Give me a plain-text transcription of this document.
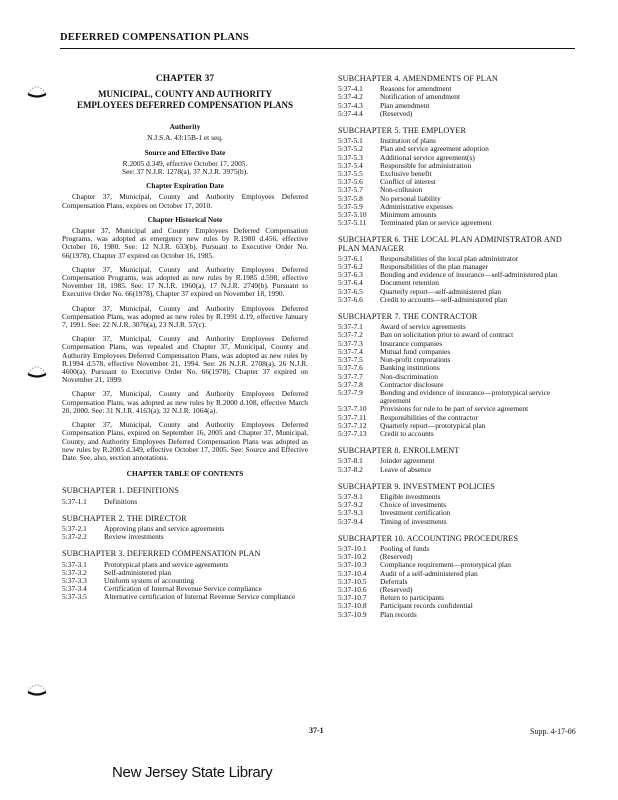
DEFERRED COMPENSATION PLANS
CHAPTER 37
MUNICIPAL, COUNTY AND AUTHORITY
EMPLOYEES DEFERRED COMPENSATION PLANS
Authority
N.J.S.A. 43:15B-1 et seq.
Source and Effective Date
R.2005 d.349, effective October 17, 2005.
See: 37 N.J.R. 1278(a), 37 N.J.R. 3975(b).
Chapter Expiration Date

Chapter 37, Municipal, County and Authority Employees Deferred Compensation Plans, expires on October 17, 2010.

Chapter Historical Note

Chapter 37, Municipal and County Employees Deferred Compensation Programs, was adopted as emergency new rules by R.1980 d.456, effective October 16, 1980. See: 12 N.J.R. 633(b). Pursuant to Executive Order No. 66(1978), Chapter 37 expired on October 16, 1985.

Chapter 37, Municipal, County and Authority Employees Deferred Compensation Programs, was adopted as new rules by R.1985 d.598, effective November 18, 1985. See: 17 N.J.R. 1960(a), 17 N.J.R. 2749(b). Pursuant to Executive Order No. 66(1978), Chapter 37 expired on November 18, 1990.

Chapter 37, Municipal, County and Authority Employees Deferred Compensation Plans, was adopted as new rules by R.1991 d.19, effective January 7, 1991. See: 22 N.J.R. 3076(a), 23 N.J.R. 57(c).

Chapter 37, Municipal, County and Authority Employees Deferred Compensation Plans, was repealed and Chapter 37, Municipal, County and Authority Employees Deferred Compensation Plans, was adopted as new rules by R.1994 d.578, effective November 21, 1994. See: 26 N.J.R. 2708(a), 26 N.J.R. 4600(a). Pursuant to Executive Order No. 66(1978), Chapter 37 expired on November 21, 1999.

Chapter 37, Municipal, County and Authority Employees Deferred Compensation Plans, was adopted as new rules by R.2000 d.108, effective March 20, 2000. See: 31 N.J.R. 4163(a), 32 N.J.R. 1064(a).

Chapter 37, Municipal, County and Authority Employees Deferred Compensation Plans, expired on September 16, 2005 and Chapter 37, Municipal, County, and Authority Employees Deferred Compensation Plans was adopted as new rules by R.2005 d.349, effective October 17, 2005. See: Source and Effective Date. See, also, section annotations.

CHAPTER TABLE OF CONTENTS
SUBCHAPTER 1. DEFINITIONS
5:37-1.1	Definitions
SUBCHAPTER 2. THE DIRECTOR
5:37-2.1	Approving plans and service agreements
5:37-2.2	Review investments
SUBCHAPTER 3. DEFERRED COMPENSATION PLAN
5:37-3.1	Prototypical plans and service agreements
5:37-3.2	Self-administered plan
5:37-3.3	Uniform system of accounting
5:37-3.4	Certification of Internal Revenue Service compliance
5:37-3.5	Alternative certification of Internal Revenue Service compliance
SUBCHAPTER 4. AMENDMENTS OF PLAN
5:37-4.1	Reasons for amendment
5:37-4.2	Notification of amendment
5:37-4.3	Plan amendment
5:37-4.4	(Reserved)
SUBCHAPTER 5. THE EMPLOYER
5:37-5.1	Institution of plans
5:37-5.2	Plan and service agreement adoption
5:37-5.3	Additional service agreement(s)
5:37-5.4	Responsible for administration
5:37-5.5	Exclusive benefit
5:37-5.6	Conflict of interest
5:37-5.7	Non-collusion
5:37-5.8	No personal liability
5:37-5.9	Administrative expenses
5:37-5.10	Minimum amounts
5:37-5.11	Terminated plan or service agreement
SUBCHAPTER 6. THE LOCAL PLAN ADMINISTRATOR AND PLAN MANAGER
5:37-6.1	Responsibilities of the local plan administrator
5:37-6.2	Responsibilities of the plan manager
5:37-6.3	Bonding and evidence of insurance—self-administered plan
5:37-6.4	Document retention
5:37-6.5	Quarterly report—self-administered plan
5:37-6.6	Credit to accounts—self-administered plan
SUBCHAPTER 7. THE CONTRACTOR
5:37-7.1	Award of service agreements
5:37-7.2	Ban on solicitation prior to award of contract
5:37-7.3	Insurance companies
5:37-7.4	Mutual fund companies
5:37-7.5	Non-profit corporations
5:37-7.6	Banking institutions
5:37-7.7	Non-discrimination
5:37-7.8	Contractor disclosure
5:37-7.9	Bonding and evidence of insurance—prototypical service agreement
5:37-7.10	Provisions for rule to be part of service agreement
5:37-7.11	Responsibilities of the contractor
5:37-7.12	Quarterly report—prototypical plan
5:37-7.13	Credit to accounts
SUBCHAPTER 8. ENROLLMENT
5:37-8.1	Joinder agreement
5:37-8.2	Leave of absence
SUBCHAPTER 9. INVESTMENT POLICIES
5:37-9.1	Eligible investments
5:37-9.2	Choice of investments
5:37-9.3	Investment certification
5:37-9.4	Timing of investments
SUBCHAPTER 10. ACCOUNTING PROCEDURES
5:37-10.1	Pooling of funds
5:37-10.2	(Reserved)
5:37-10.3	Compliance requirement—prototypical plan
5:37-10.4	Audit of a self-administered plan
5:37-10.5	Deferrals
5:37-10.6	(Reserved)
5:37-10.7	Return to participants
5:37-10.8	Participant records confidential
5:37-10.9	Plan records
37-1	Supp. 4-17-06
New Jersey State Library
